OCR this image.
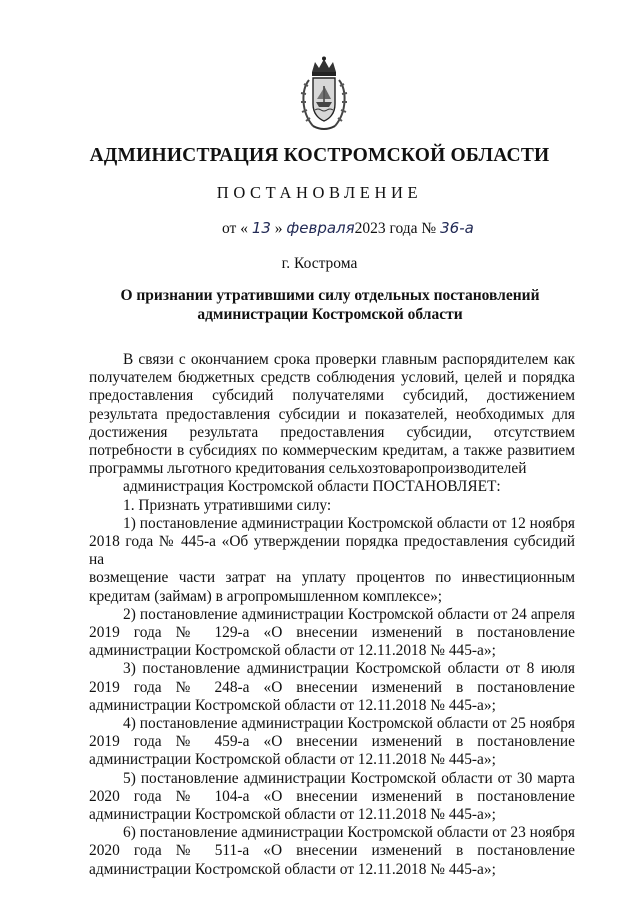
АДМИНИСТРАЦИЯ КОСТРОМСКОЙ ОБЛАСТИ
ПОСТАНОВЛЕНИЕ
от « 13 » февраля2023 года № 36-а
г. Кострома
О признании утратившими силу отдельных постановлений
администрации Костромской области

В связи с окончанием срока проверки главным распорядителем как

получателем бюджетных средств соблюдения условий, целей и порядка

предоставления субсидий получателями субсидий, достижением

результата предоставления субсидии и показателей, необходимых для

достижения результата предоставления субсидии, отсутствием

потребности в субсидиях по коммерческим кредитам, а также развитием

программы льготного кредитования сельхозтоваропроизводителей

администрация Костромской области ПОСТАНОВЛЯЕТ:

1. Признать утратившими силу:

1) постановление администрации Костромской области от 12 ноября

2018 года № 445-а «Об утверждении порядка предоставления субсидий на

возмещение части затрат на уплату процентов по инвестиционным

кредитам (займам) в агропромышленном комплексе»;

2) постановление администрации Костромской области от 24 апреля

2019 года № 129-а «О внесении изменений в постановление

администрации Костромской области от 12.11.2018 № 445-а»;

3) постановление администрации Костромской области от 8 июля

2019 года № 248-а «О внесении изменений в постановление

администрации Костромской области от 12.11.2018 № 445-а»;

4) постановление администрации Костромской области от 25 ноября

2019 года № 459-а «О внесении изменений в постановление

администрации Костромской области от 12.11.2018 № 445-а»;

5) постановление администрации Костромской области от 30 марта

2020 года № 104-а «О внесении изменений в постановление

администрации Костромской области от 12.11.2018 № 445-а»;

6) постановление администрации Костромской области от 23 ноября

2020 года № 511-а «О внесении изменений в постановление

администрации Костромской области от 12.11.2018 № 445-а»;
